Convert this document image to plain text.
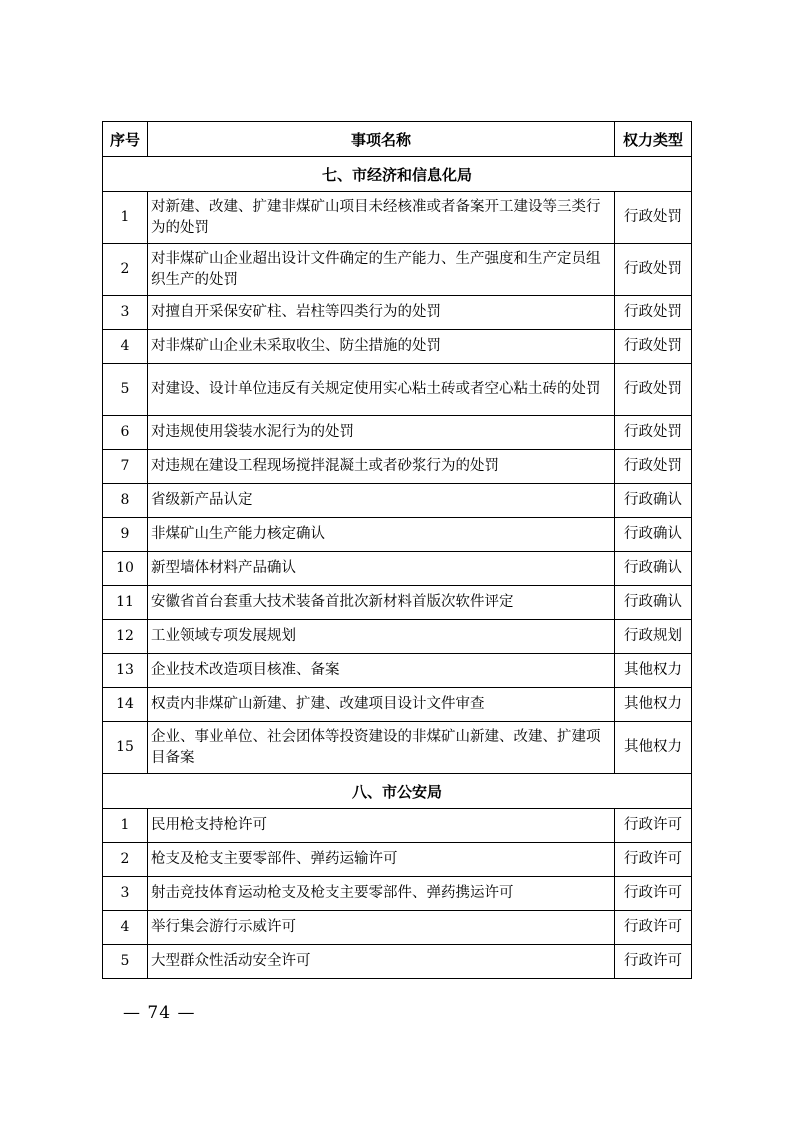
序号	事项名称	权力类型
七、市经济和信息化局		
1	对新建、改建、扩建非煤矿山项目未经核准或者备案开工建设等三类行为的处罚	行政处罚
2	对非煤矿山企业超出设计文件确定的生产能力、生产强度和生产定员组织生产的处罚	行政处罚
3	对擅自开采保安矿柱、岩柱等四类行为的处罚	行政处罚
4	对非煤矿山企业未采取收尘、防尘措施的处罚	行政处罚
5	对建设、设计单位违反有关规定使用实心粘土砖或者空心粘土砖的处罚	行政处罚
6	对违规使用袋装水泥行为的处罚	行政处罚
7	对违规在建设工程现场搅拌混凝土或者砂浆行为的处罚	行政处罚
8	省级新产品认定	行政确认
9	非煤矿山生产能力核定确认	行政确认
10	新型墙体材料产品确认	行政确认
11	安徽省首台套重大技术装备首批次新材料首版次软件评定	行政确认
12	工业领域专项发展规划	行政规划
13	企业技术改造项目核准、备案	其他权力
14	权责内非煤矿山新建、扩建、改建项目设计文件审查	其他权力
15	企业、事业单位、社会团体等投资建设的非煤矿山新建、改建、扩建项目备案	其他权力
八、市公安局		
1	民用枪支持枪许可	行政许可
2	枪支及枪支主要零部件、弹药运输许可	行政许可
3	射击竞技体育运动枪支及枪支主要零部件、弹药携运许可	行政许可
4	举行集会游行示威许可	行政许可
5	大型群众性活动安全许可	行政许可
— 74 —
